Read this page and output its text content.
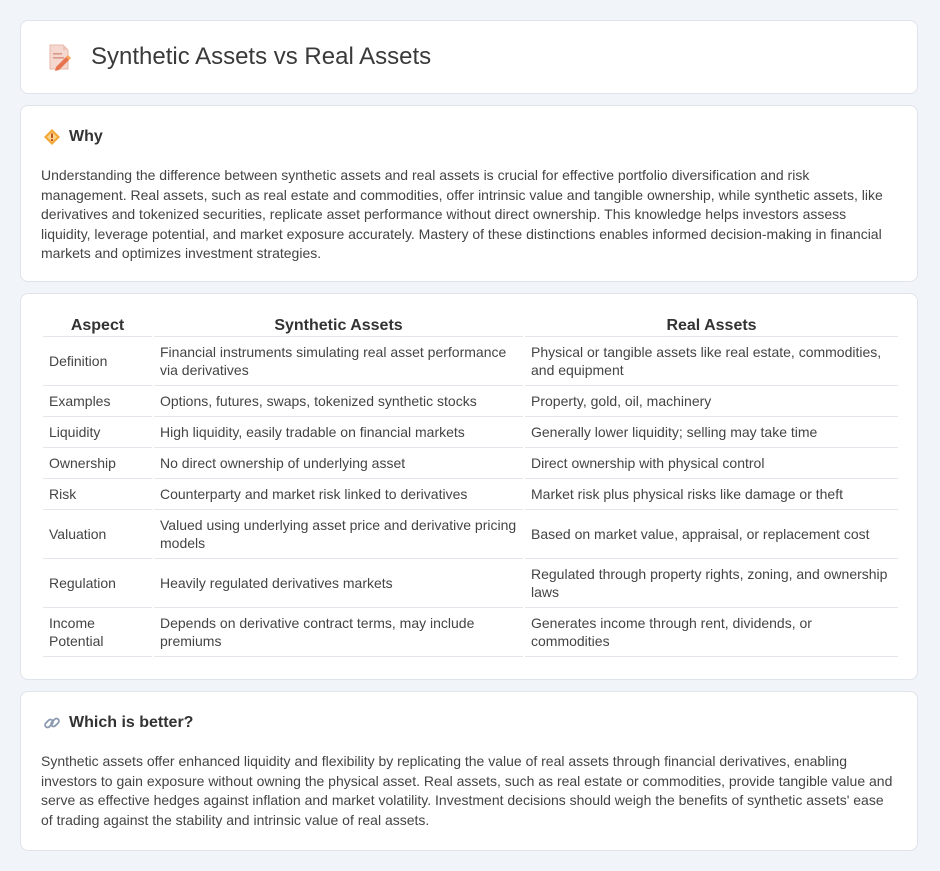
Synthetic Assets vs Real Assets
Why
Understanding the difference between synthetic assets and real assets is crucial for effective portfolio diversification and risk management. Real assets, such as real estate and commodities, offer intrinsic value and tangible ownership, while synthetic assets, like derivatives and tokenized securities, replicate asset performance without direct ownership. This knowledge helps investors assess liquidity, leverage potential, and market exposure accurately. Mastery of these distinctions enables informed decision-making in financial markets and optimizes investment strategies.
Aspect	Synthetic Assets	Real Assets
Definition	Financial instruments simulating real asset performance via derivatives	Physical or tangible assets like real estate, commodities, and equipment
Examples	Options, futures, swaps, tokenized synthetic stocks	Property, gold, oil, machinery
Liquidity	High liquidity, easily tradable on financial markets	Generally lower liquidity; selling may take time
Ownership	No direct ownership of underlying asset	Direct ownership with physical control
Risk	Counterparty and market risk linked to derivatives	Market risk plus physical risks like damage or theft
Valuation	Valued using underlying asset price and derivative pricing models	Based on market value, appraisal, or replacement cost
Regulation	Heavily regulated derivatives markets	Regulated through property rights, zoning, and ownership laws
Income Potential	Depends on derivative contract terms, may include premiums	Generates income through rent, dividends, or commodities
Which is better?
Synthetic assets offer enhanced liquidity and flexibility by replicating the value of real assets through financial derivatives, enabling investors to gain exposure without owning the physical asset. Real assets, such as real estate or commodities, provide tangible value and serve as effective hedges against inflation and market volatility. Investment decisions should weigh the benefits of synthetic assets' ease of trading against the stability and intrinsic value of real assets.
